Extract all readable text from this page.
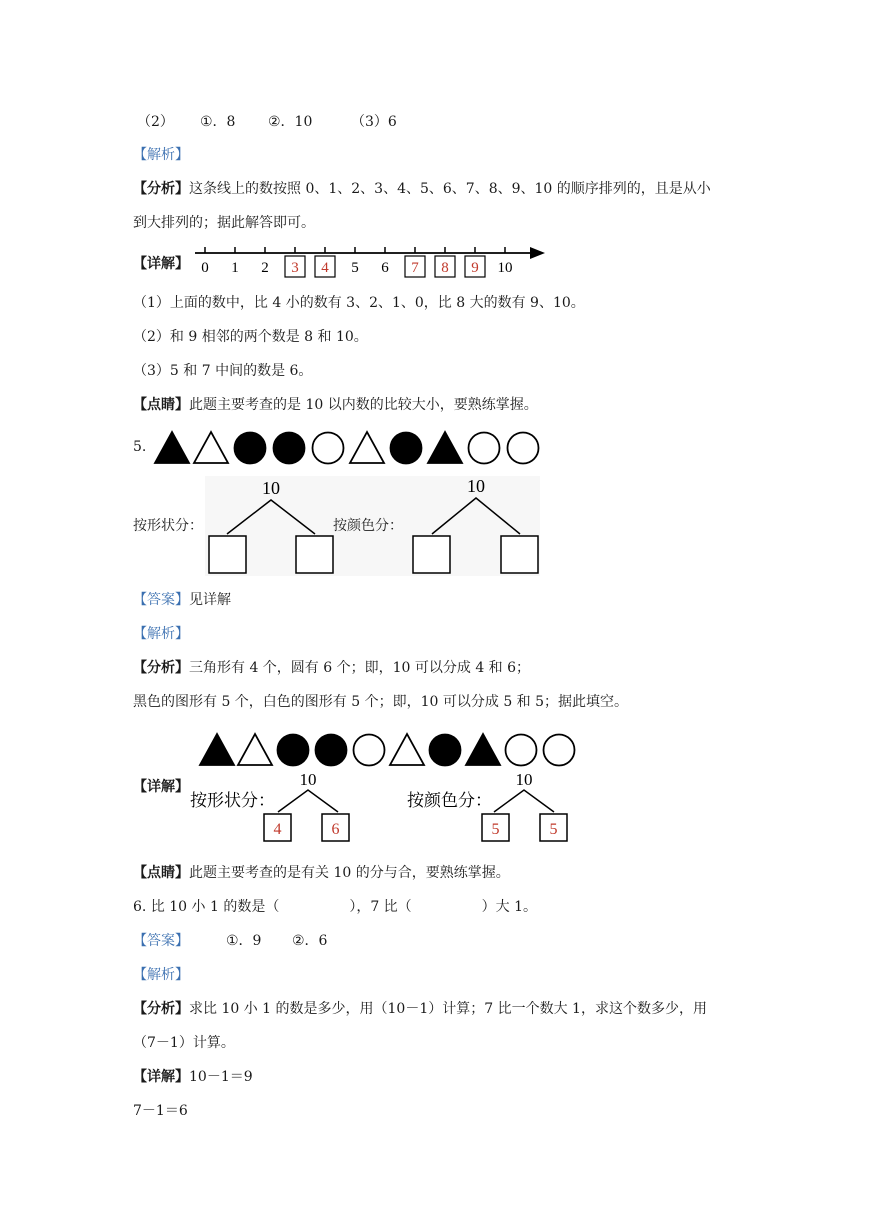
（2） ①．8 ②．10	（3）6
【解析】
【分析】这条线上的数按照 0、1、2、3、4、5、6、7、8、9、10 的顺序排列的，且是从小
到大排列的；据此解答即可。
【详解】 0 1 2 3 4 5 6 7 8 9 10
（1）上面的数中，比 4 小的数有 3、2、1、0，比 8 大的数有 9、10。
（2）和 9 相邻的两个数是 8 和 10。
（3）5 和 7 中间的数是 6。
【点睛】此题主要考查的是 10 以内数的比较大小，要熟练掌握。
5.
10	10
按形状分：	按颜色分：
【答案】见详解
【解析】
【分析】三角形有 4 个，圆有 6 个；即，10 可以分成 4 和 6；
黑色的图形有 5 个，白色的图形有 5 个；即，10 可以分成 5 和 5；据此填空。
【详解】
按形状分：
10
4	6
按颜色分：
10
5	5
【点睛】此题主要考查的是有关 10 的分与合，要熟练掌握。
6. 比 10 小 1 的数是（　　　　　），7 比（　　　　　）大 1。
【答案】	①．9 ②．6
【解析】
【分析】求比 10 小 1 的数是多少，用（10－1）计算；7 比一个数大 1，求这个数多少，用
（7－1）计算。
【详解】10－1＝9
7－1＝6
